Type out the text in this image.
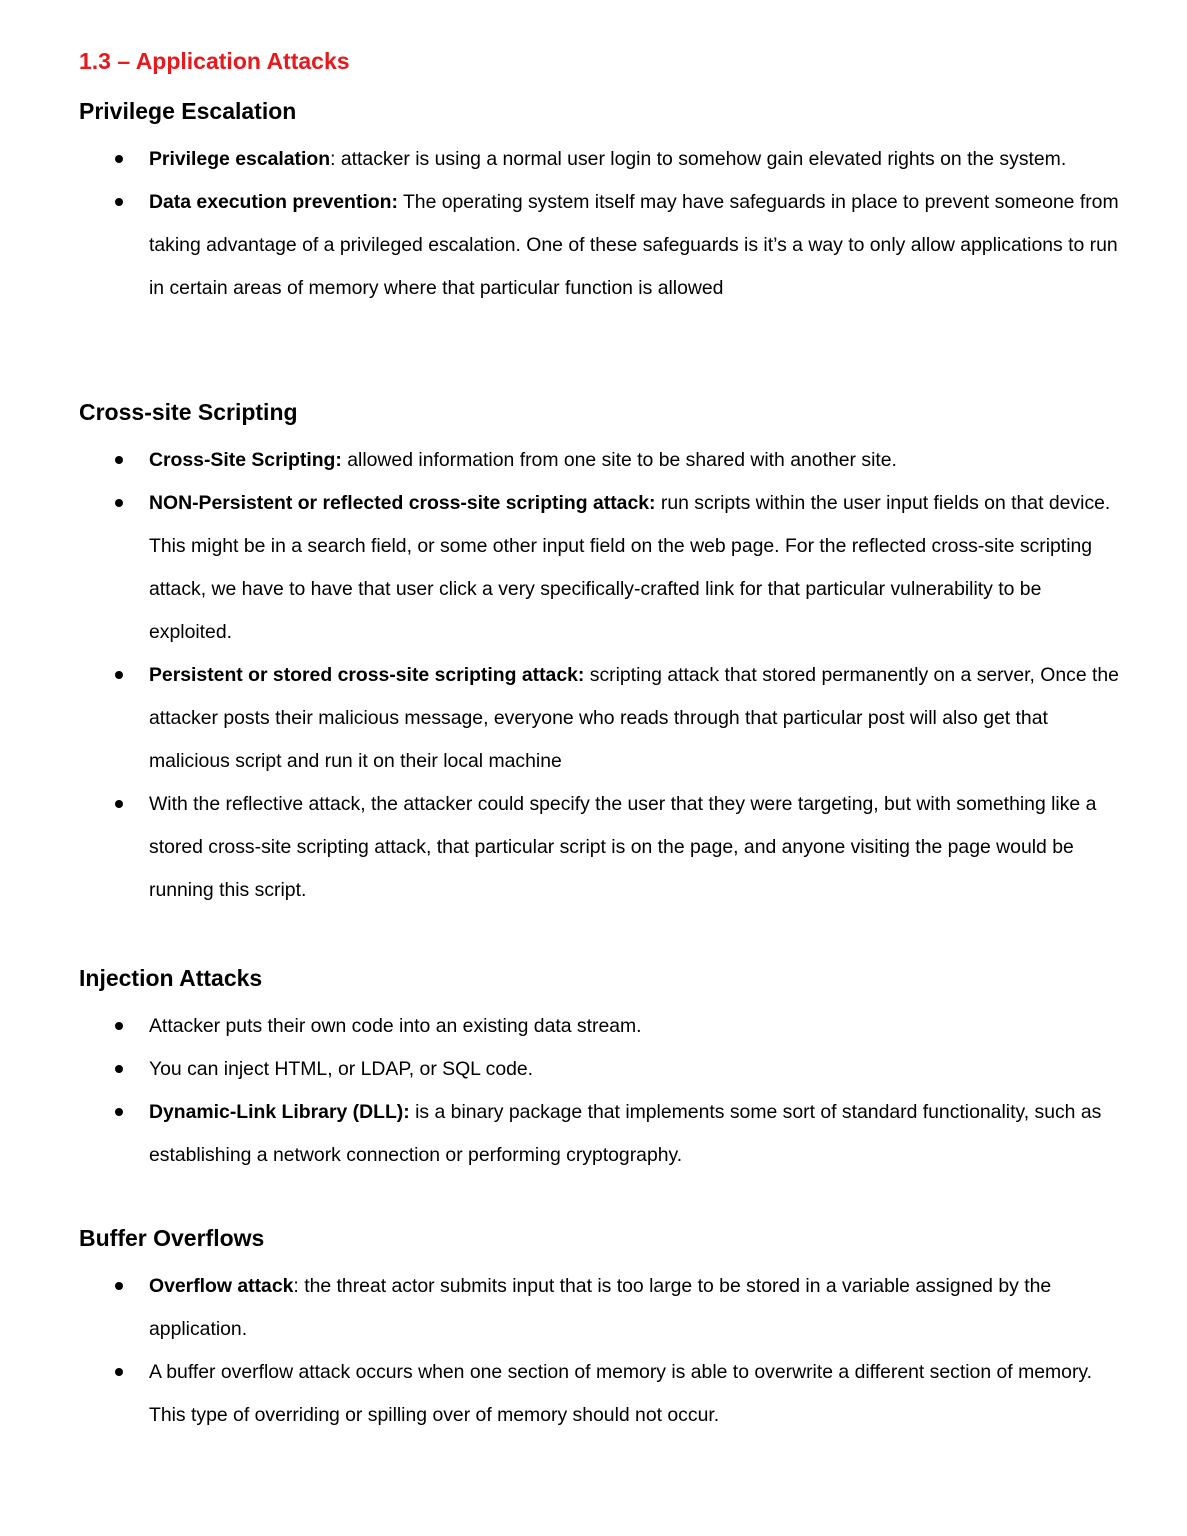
1.3 – Application Attacks
Privilege Escalation
Privilege escalation: attacker is using a normal user login to somehow gain elevated rights on the system.
Data execution prevention: The operating system itself may have safeguards in place to prevent someone from taking advantage of a privileged escalation. One of these safeguards is it’s a way to only allow applications to run in certain areas of memory where that particular function is allowed
Cross-site Scripting
Cross-Site Scripting: allowed information from one site to be shared with another site.
NON-Persistent or reflected cross-site scripting attack: run scripts within the user input fields on that device. This might be in a search field, or some other input field on the web page. For the reflected cross-site scripting attack, we have to have that user click a very specifically-crafted link for that particular vulnerability to be exploited.
Persistent or stored cross-site scripting attack: scripting attack that stored permanently on a server, Once the attacker posts their malicious message, everyone who reads through that particular post will also get that malicious script and run it on their local machine
With the reflective attack, the attacker could specify the user that they were targeting, but with something like a stored cross-site scripting attack, that particular script is on the page, and anyone visiting the page would be running this script.
Injection Attacks
Attacker puts their own code into an existing data stream.
You can inject HTML, or LDAP, or SQL code.
Dynamic-Link Library (DLL): is a binary package that implements some sort of standard functionality, such as establishing a network connection or performing cryptography.
Buffer Overflows
Overflow attack: the threat actor submits input that is too large to be stored in a variable assigned by the application.
A buffer overflow attack occurs when one section of memory is able to overwrite a different section of memory. This type of overriding or spilling over of memory should not occur.
